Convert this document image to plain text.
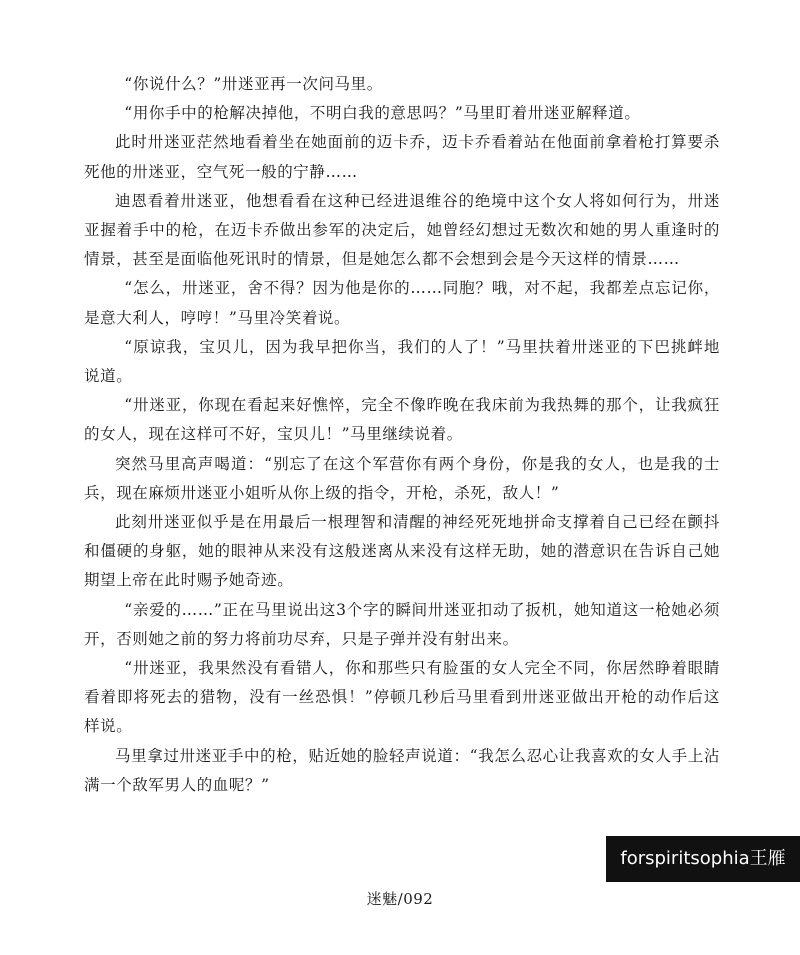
“你说什么？”卅迷亚再一次问马里。

“用你手中的枪解决掉他，不明白我的意思吗？”马里盯着卅迷亚解释道。

此时卅迷亚茫然地看着坐在她面前的迈卡乔，迈卡乔看着站在他面前拿着枪打算要杀死他的卅迷亚，空气死一般的宁静……

迪恩看着卅迷亚，他想看看在这种已经进退维谷的绝境中这个女人将如何行为，卅迷亚握着手中的枪，在迈卡乔做出参军的决定后，她曾经幻想过无数次和她的男人重逢时的情景，甚至是面临他死讯时的情景，但是她怎么都不会想到会是今天这样的情景……

“怎么，卅迷亚，舍不得？因为他是你的……同胞？哦，对不起，我都差点忘记你，是意大利人，哼哼！”马里冷笑着说。

“原谅我，宝贝儿，因为我早把你当，我们的人了！”马里扶着卅迷亚的下巴挑衅地说道。

“卅迷亚，你现在看起来好憔悴，完全不像昨晚在我床前为我热舞的那个，让我疯狂的女人，现在这样可不好，宝贝儿！”马里继续说着。

突然马里高声喝道：“别忘了在这个军营你有两个身份，你是我的女人，也是我的士兵，现在麻烦卅迷亚小姐听从你上级的指令，开枪，杀死，敌人！”

此刻卅迷亚似乎是在用最后一根理智和清醒的神经死死地拼命支撑着自己已经在颤抖和僵硬的身躯，她的眼神从来没有这般迷离从来没有这样无助，她的潜意识在告诉自己她期望上帝在此时赐予她奇迹。

“亲爱的……”正在马里说出这3个字的瞬间卅迷亚扣动了扳机，她知道这一枪她必须开，否则她之前的努力将前功尽弃，只是子弹并没有射出来。

“卅迷亚，我果然没有看错人，你和那些只有脸蛋的女人完全不同，你居然睁着眼睛看着即将死去的猎物，没有一丝恐惧！”停顿几秒后马里看到卅迷亚做出开枪的动作后这样说。

马里拿过卅迷亚手中的枪，贴近她的脸轻声说道：“我怎么忍心让我喜欢的女人手上沾满一个敌军男人的血呢？”

forspiritsophia王雁
迷魅/092
